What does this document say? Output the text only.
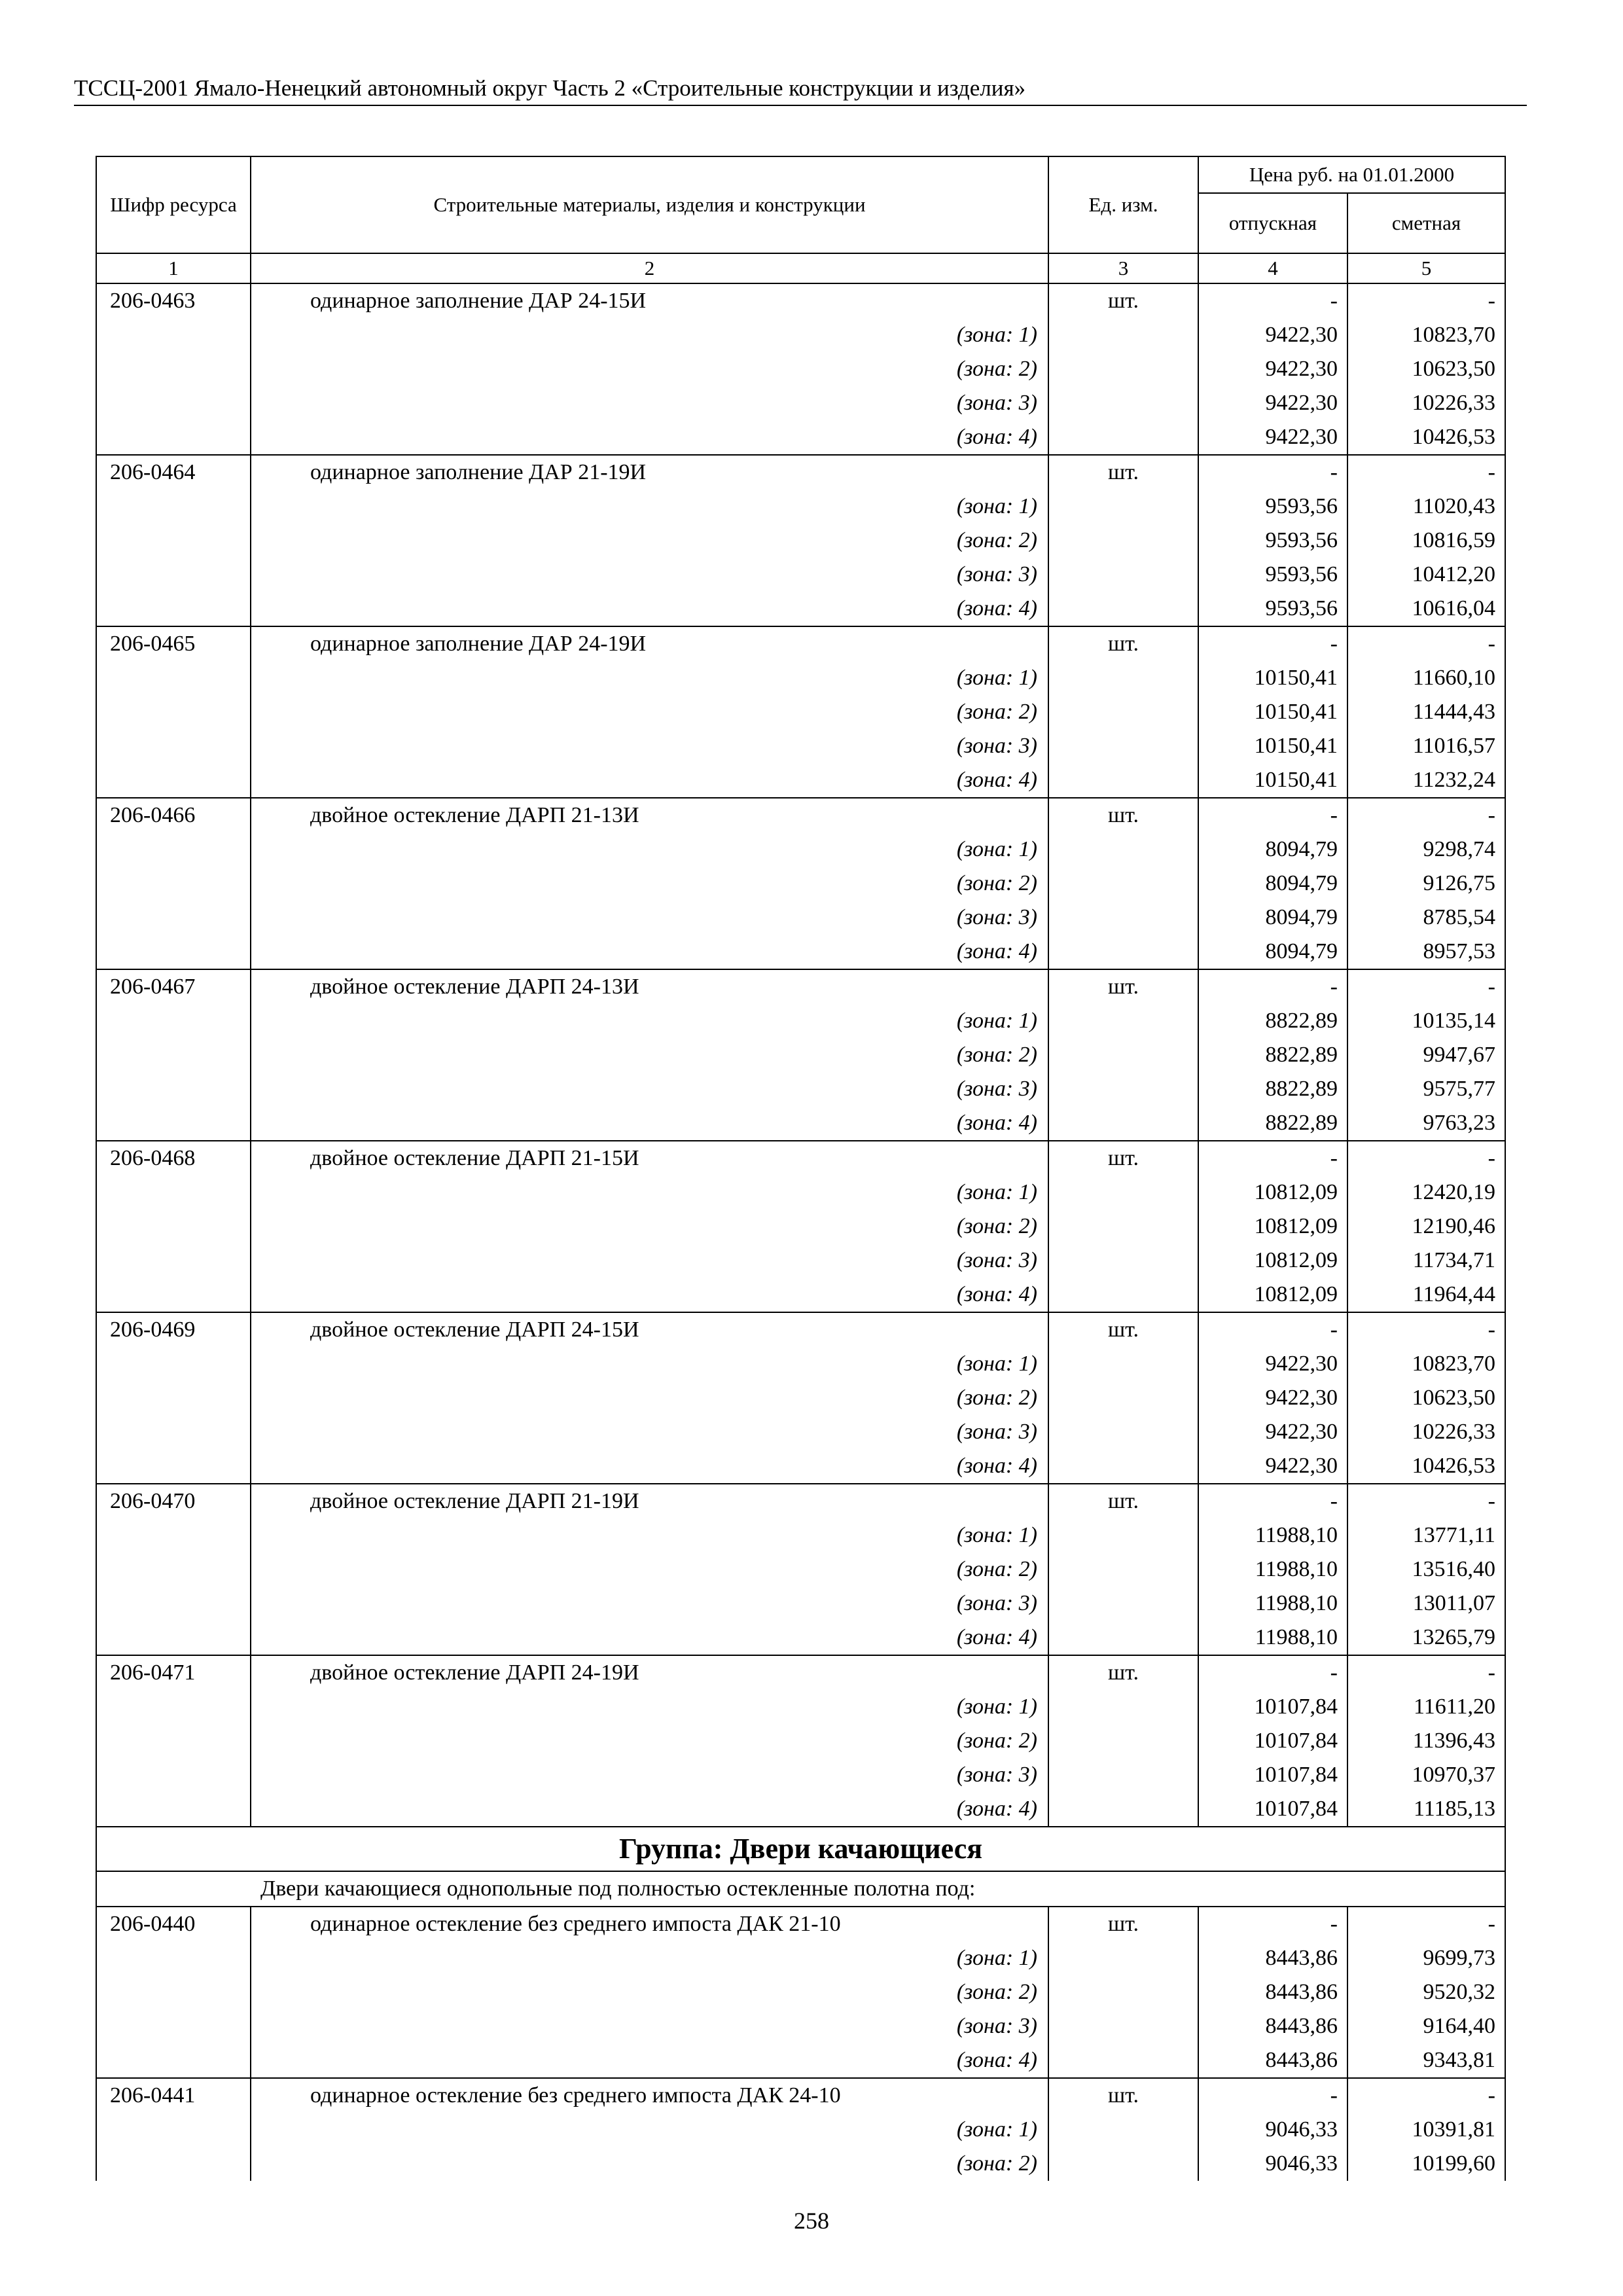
ТССЦ-2001 Ямало-Ненецкий автономный округ Часть 2 «Строительные конструкции и изделия»
Шифр ресурса	Строительные материалы, изделия и конструкции	Ед. изм.	Цена руб. на 01.01.2000	
			отпускная	сметная
1	2	3	4	5
206-0463	одинарное заполнение ДАР 24-15И	шт.	-	-
	(зона: 1)		9422,30	10823,70
	(зона: 2)		9422,30	10623,50
	(зона: 3)		9422,30	10226,33
	(зона: 4)		9422,30	10426,53
206-0464	одинарное заполнение ДАР 21-19И	шт.	-	-
	(зона: 1)		9593,56	11020,43
	(зона: 2)		9593,56	10816,59
	(зона: 3)		9593,56	10412,20
	(зона: 4)		9593,56	10616,04
206-0465	одинарное заполнение ДАР 24-19И	шт.	-	-
	(зона: 1)		10150,41	11660,10
	(зона: 2)		10150,41	11444,43
	(зона: 3)		10150,41	11016,57
	(зона: 4)		10150,41	11232,24
206-0466	двойное остекление ДАРП 21-13И	шт.	-	-
	(зона: 1)		8094,79	9298,74
	(зона: 2)		8094,79	9126,75
	(зона: 3)		8094,79	8785,54
	(зона: 4)		8094,79	8957,53
206-0467	двойное остекление ДАРП 24-13И	шт.	-	-
	(зона: 1)		8822,89	10135,14
	(зона: 2)		8822,89	9947,67
	(зона: 3)		8822,89	9575,77
	(зона: 4)		8822,89	9763,23
206-0468	двойное остекление ДАРП 21-15И	шт.	-	-
	(зона: 1)		10812,09	12420,19
	(зона: 2)		10812,09	12190,46
	(зона: 3)		10812,09	11734,71
	(зона: 4)		10812,09	11964,44
206-0469	двойное остекление ДАРП 24-15И	шт.	-	-
	(зона: 1)		9422,30	10823,70
	(зона: 2)		9422,30	10623,50
	(зона: 3)		9422,30	10226,33
	(зона: 4)		9422,30	10426,53
206-0470	двойное остекление ДАРП 21-19И	шт.	-	-
	(зона: 1)		11988,10	13771,11
	(зона: 2)		11988,10	13516,40
	(зона: 3)		11988,10	13011,07
	(зона: 4)		11988,10	13265,79
206-0471	двойное остекление ДАРП 24-19И	шт.	-	-
	(зона: 1)		10107,84	11611,20
	(зона: 2)		10107,84	11396,43
	(зона: 3)		10107,84	10970,37
	(зона: 4)		10107,84	11185,13
Группа: Двери качающиеся				
Двери качающиеся однопольные под полностью остекленные полотна под:				
206-0440	одинарное остекление без среднего импоста ДАК 21-10	шт.	-	-
	(зона: 1)		8443,86	9699,73
	(зона: 2)		8443,86	9520,32
	(зона: 3)		8443,86	9164,40
	(зона: 4)		8443,86	9343,81
206-0441	одинарное остекление без среднего импоста ДАК 24-10	шт.	-	-
	(зона: 1)		9046,33	10391,81
	(зона: 2)		9046,33	10199,60
258
